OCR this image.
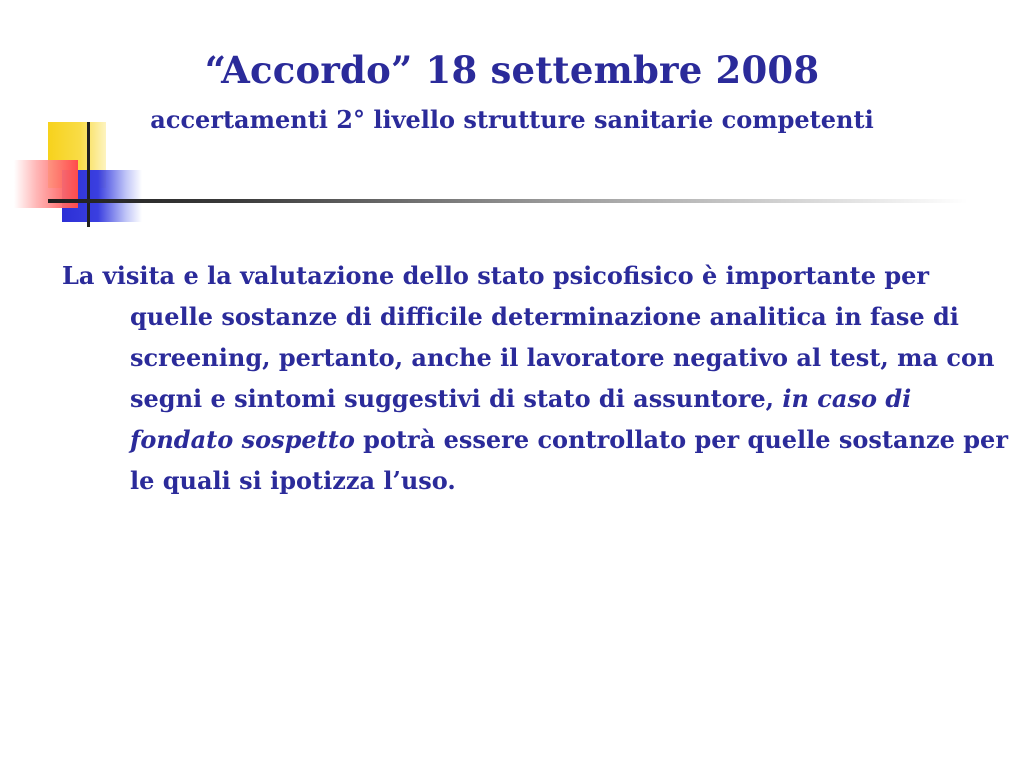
“Accordo” 18 settembre 2008
accertamenti 2° livello strutture sanitarie competenti
La visita e la valutazione dello stato psicofisico è importante per quelle sostanze di difficile determinazione analitica in fase di screening, pertanto, anche il lavoratore negativo al test, ma con segni e sintomi suggestivi di stato di assuntore, in caso di fondato sospetto potrà essere controllato per quelle sostanze per le quali si ipotizza l’uso.
